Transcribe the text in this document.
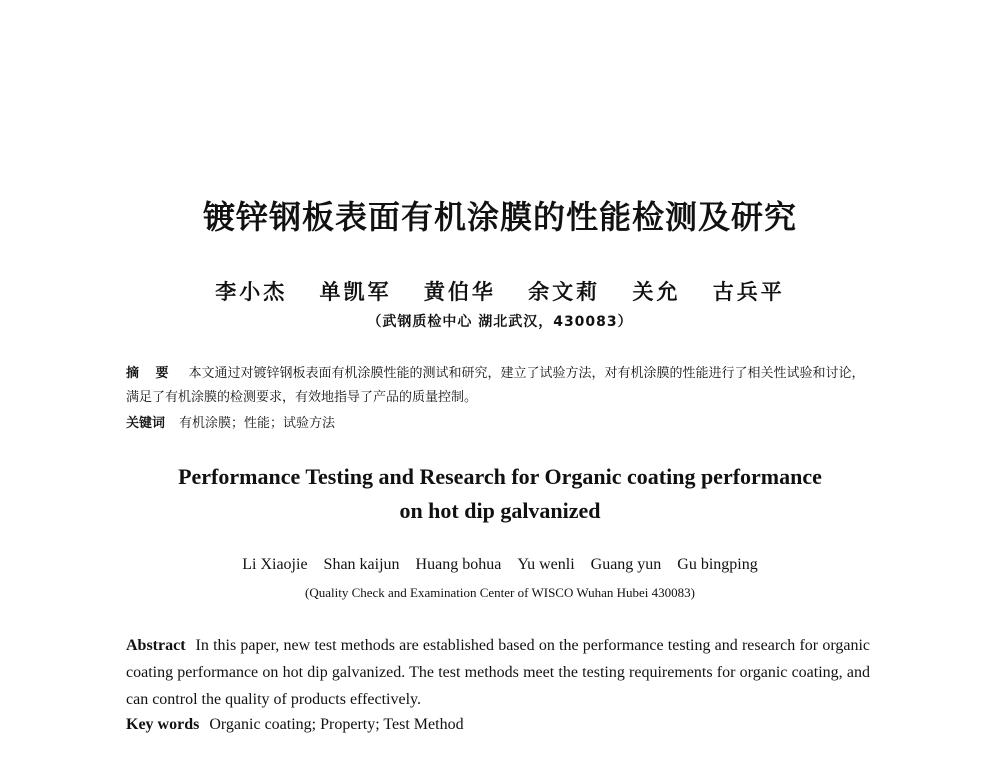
镀锌钢板表面有机涂膜的性能检测及研究
李小杰 单凯军 黄伯华 余文莉 关允 古兵平
（武钢质检中心 湖北武汉，430083）
摘 要 本文通过对镀锌钢板表面有机涂膜性能的测试和研究，建立了试验方法，对有机涂膜的性能进行了相关性试验和讨论，满足了有机涂膜的检测要求，有效地指导了产品的质量控制。
关键词 有机涂膜；性能；试验方法
Performance Testing and Research for Organic coating performance
on hot dip galvanized
Li Xiaojie Shan kaijun Huang bohua Yu wenli Guang yun Gu bingping
(Quality Check and Examination Center of WISCO Wuhan Hubei 430083)
Abstract In this paper, new test methods are established based on the performance testing and research for organic coating performance on hot dip galvanized. The test methods meet the testing requirements for organic coating, and can control the quality of products effectively.
Key words Organic coating; Property; Test Method
